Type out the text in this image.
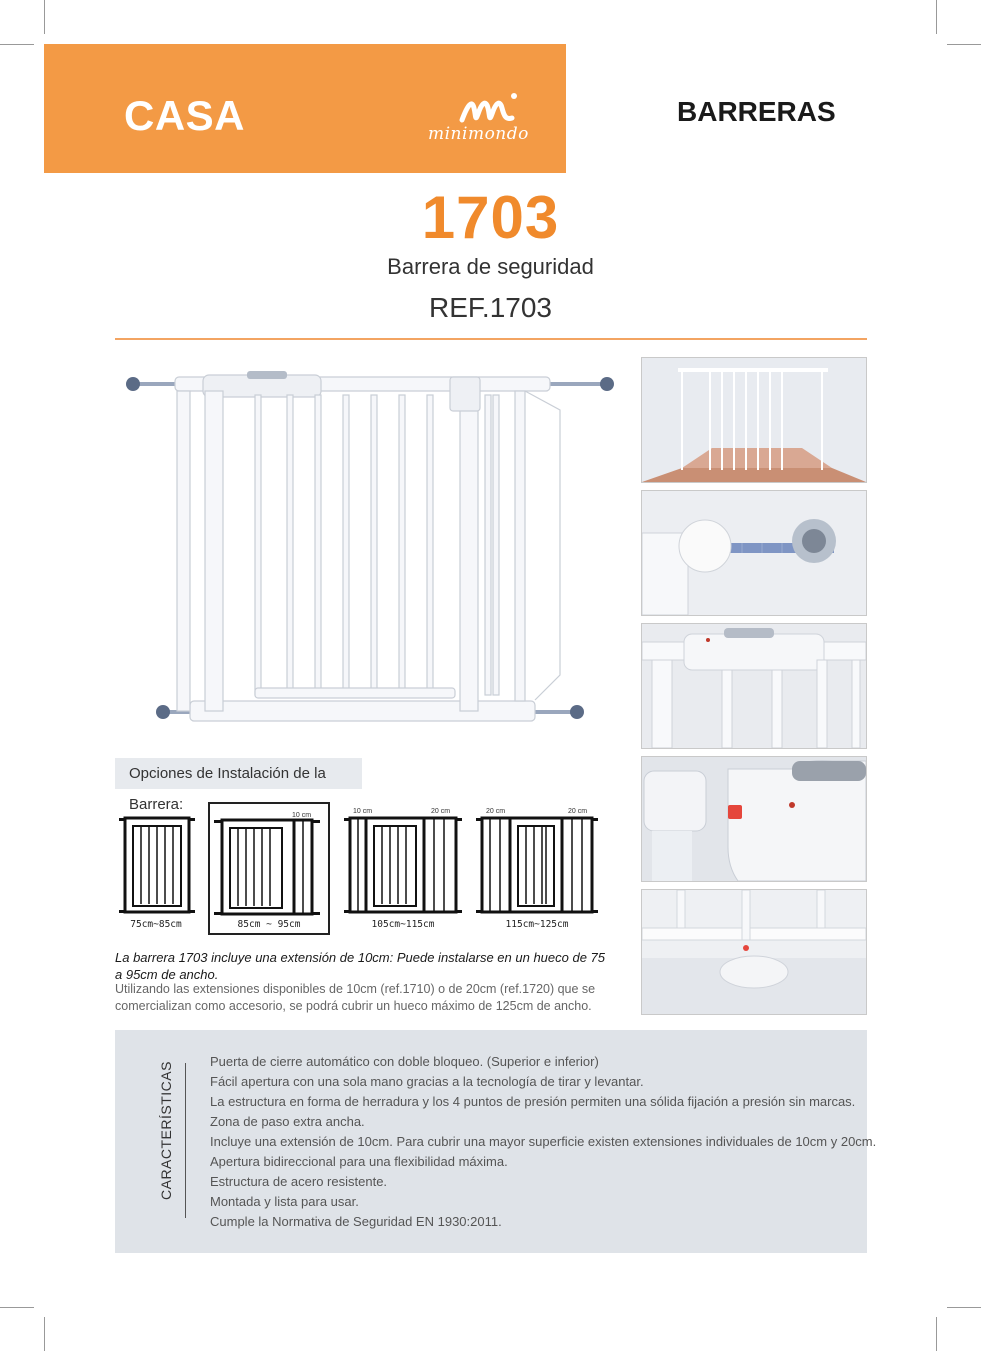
CASA	minimondo
BARRERAS
1703
Barrera de seguridad
REF.1703
Opciones de Instalación de la Barrera:
75cm~85cm
10 cm
85cm ~ 95cm
10 cm	20 cm
105cm~115cm
20 cm	20 cm
115cm~125cm
La barrera 1703 incluye una extensión de 10cm: Puede instalarse en un hueco de 75 a 95cm de ancho.
Utilizando las extensiones disponibles de 10cm (ref.1710) o de 20cm (ref.1720) que se comercializan como accesorio, se podrá cubrir un hueco máximo de 125cm de ancho.
CARACTERÍSTICAS	Puerta de cierre automático con doble bloqueo. (Superior e inferior)
Fácil apertura con una sola mano gracias a la tecnología de tirar y levantar.
La estructura en forma de herradura y los 4 puntos de presión permiten una sólida fijación a presión sin marcas.
Zona de paso extra ancha.
Incluye una extensión de 10cm. Para cubrir una mayor superficie existen extensiones individuales de 10cm y 20cm.
Apertura bidireccional para una flexibilidad máxima.
Estructura de acero resistente.
Montada y lista para usar.
Cumple la Normativa de Seguridad EN 1930:2011.
